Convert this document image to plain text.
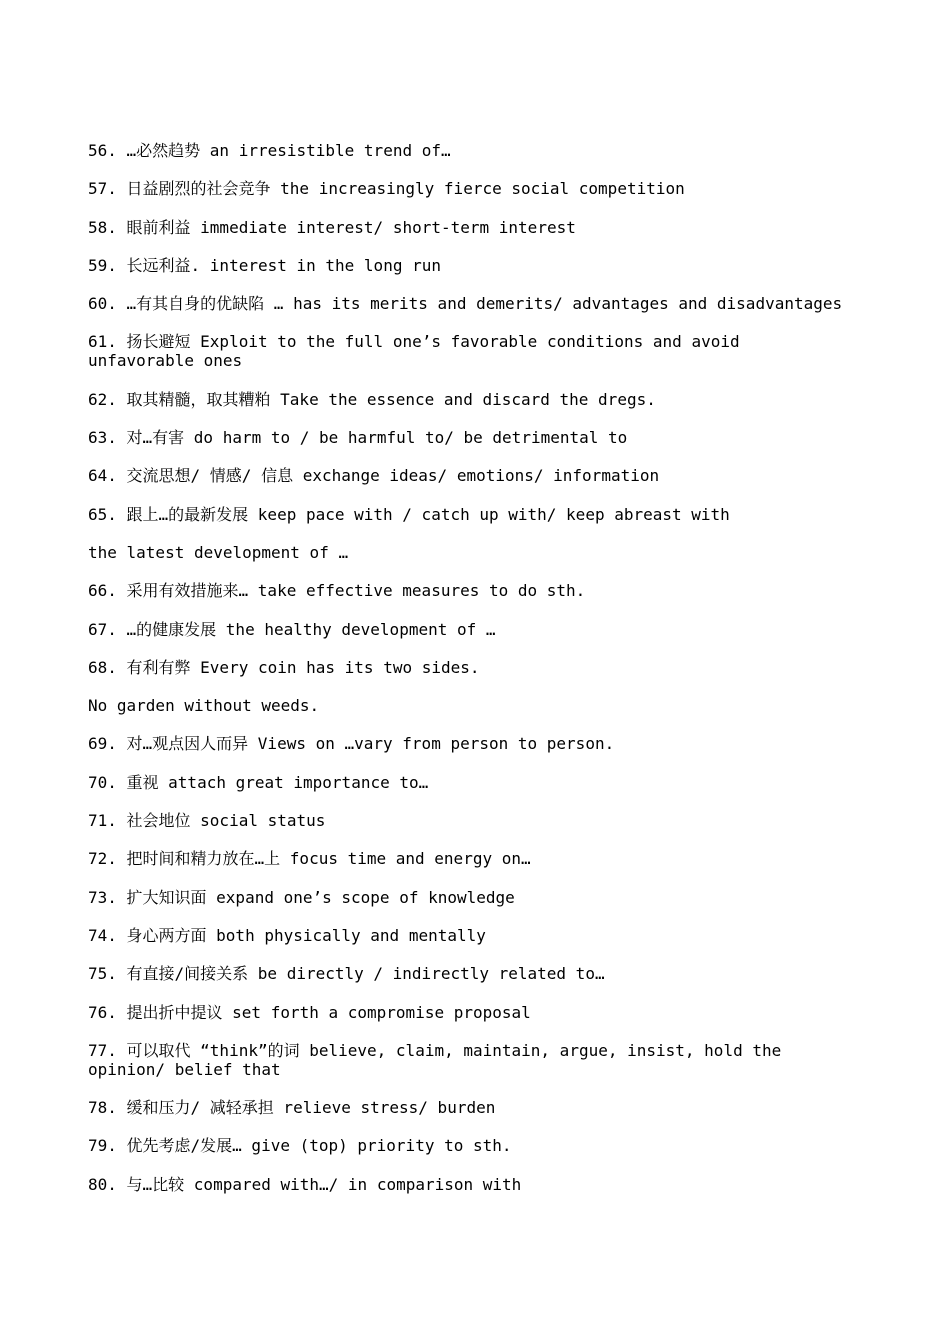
56. …必然趋势 an irresistible trend of…

57. 日益剧烈的社会竞争 the increasingly fierce social competition

58. 眼前利益 immediate interest/ short-term interest

59. 长远利益. interest in the long run

60. …有其自身的优缺陷 … has its merits and demerits/ advantages and disadvantages

61. 扬长避短 Exploit to the full one’s favorable conditions and avoid unfavorable ones

62. 取其精髓，取其糟粕 Take the essence and discard the dregs.

63. 对…有害 do harm to / be harmful to/ be detrimental to

64. 交流思想/ 情感/ 信息 exchange ideas/ emotions/ information

65. 跟上…的最新发展 keep pace with / catch up with/ keep abreast with

the latest development of …

66. 采用有效措施来… take effective measures to do sth.

67. …的健康发展 the healthy development of …

68. 有利有弊 Every coin has its two sides.

No garden without weeds.

69. 对…观点因人而异 Views on …vary from person to person.

70. 重视 attach great importance to…

71. 社会地位 social status

72. 把时间和精力放在…上 focus time and energy on…

73. 扩大知识面 expand one’s scope of knowledge

74. 身心两方面 both physically and mentally

75. 有直接/间接关系 be directly / indirectly related to…

76. 提出折中提议 set forth a compromise proposal

77. 可以取代 “think”的词 believe, claim, maintain, argue, insist, hold the opinion/ belief that

78. 缓和压力/ 减轻承担 relieve stress/ burden

79. 优先考虑/发展… give (top) priority to sth.

80. 与…比较 compared with…/ in comparison with
